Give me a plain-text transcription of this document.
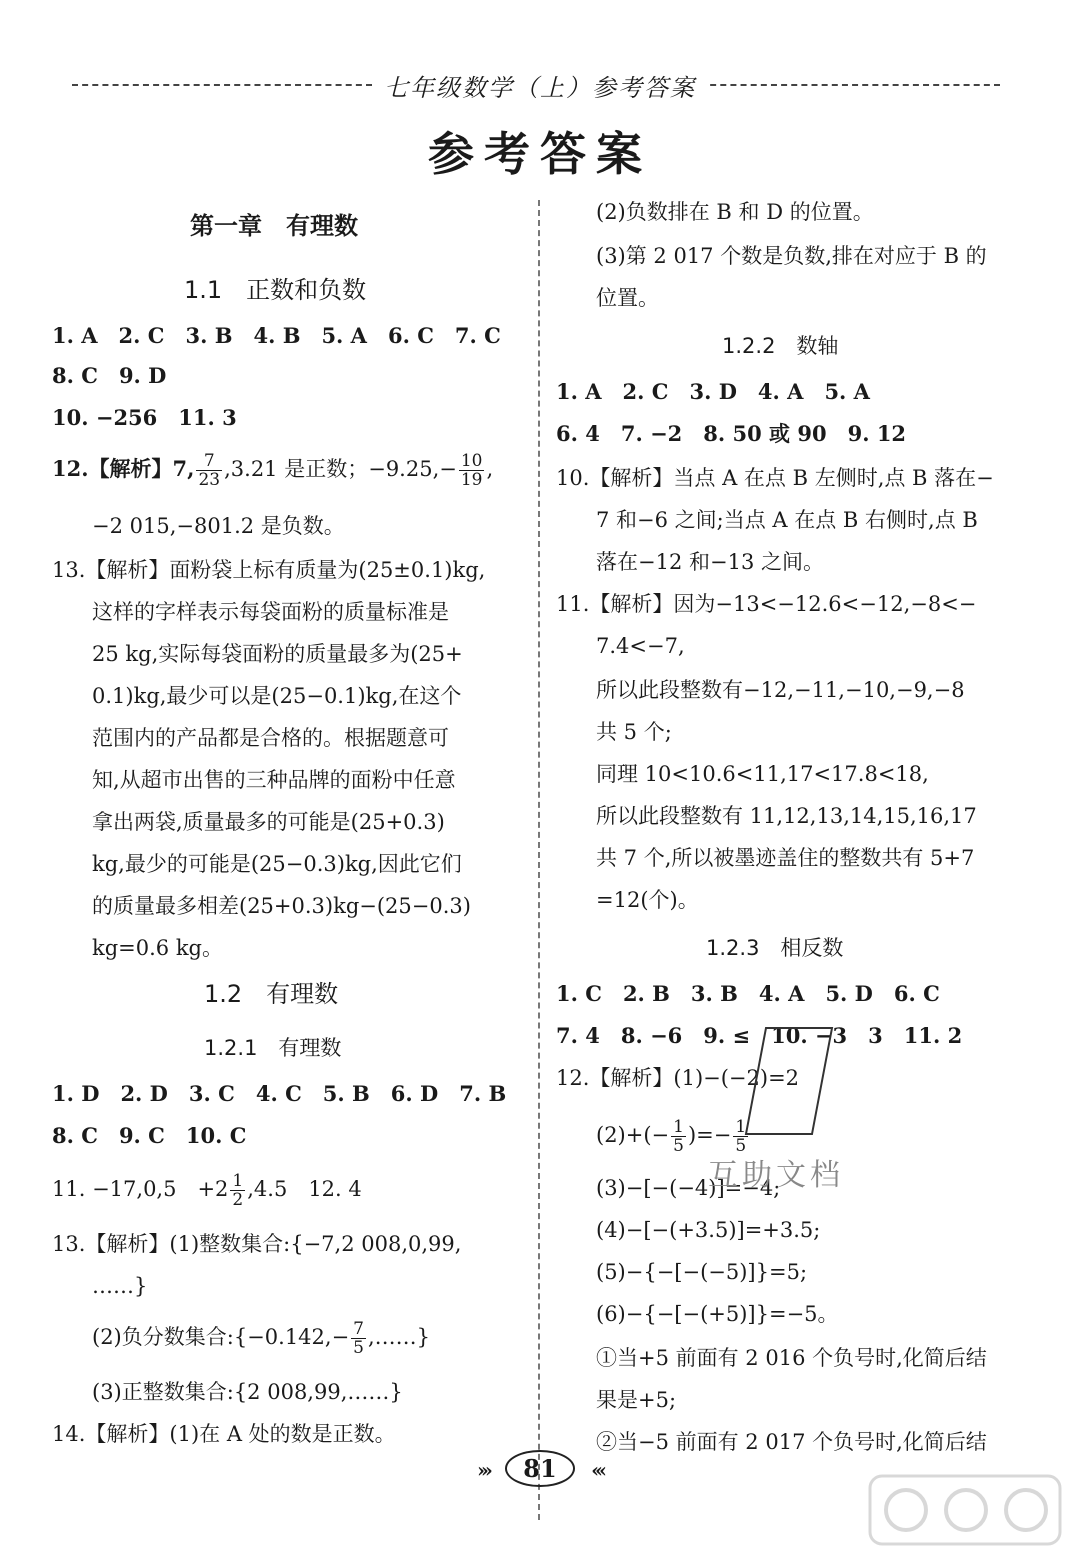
七年级数学（上）参考答案
参考答案
第一章　有理数
1.1　正数和负数
1. A　2. C　3. B　4. B　5. A　6. C　7. C
8. C　9. D
10. −256　11. 3
12.【解析】7, $\frac{7}{23} ,3.21$ 是正数；$-9.25,- \frac{10}{19}$ ,
−2 015,−801.2 是负数。
13.【解析】面粉袋上标有质量为(25±0.1)kg,
这样的字样表示每袋面粉的质量标准是
25 kg,实际每袋面粉的质量最多为(25+
0.1)kg,最少可以是(25−0.1)kg,在这个
范围内的产品都是合格的。根据题意可
知,从超市出售的三种品牌的面粉中任意
拿出两袋,质量最多的可能是(25+0.3)
kg,最少的可能是(25−0.3)kg,因此它们
的质量最多相差(25+0.3)kg−(25−0.3)
kg=0.6 kg。
1.2　有理数
1.2.1　有理数
1. D　2. D　3. C　4. C　5. B　6. D　7. B
8. C　9. C　10. C
11. −17,0,5　$+2 \frac{1}{2} ,4.5$　12. 4
13.【解析】(1)整数集合:{−7,2 008,0,99,
……}
(2)负分数集合:{−0.142,− $\frac{7}{5}$ ,……}
(3)正整数集合:{2 008,99,……}
14.【解析】(1)在 A 处的数是正数。
(2)负数排在 B 和 D 的位置。
(3)第 2 017 个数是负数,排在对应于 B 的
位置。
1.2.2　数轴
1. A　2. C　3. D　4. A　5. A
6. 4　7. −2　8. 50 或 90　9. 12
10.【解析】当点 A 在点 B 左侧时,点 B 落在−
7 和−6 之间;当点 A 在点 B 右侧时,点 B
落在−12 和−13 之间。
11.【解析】因为−13<−12.6<−12,−8<−
7.4<−7,
所以此段整数有−12,−11,−10,−9,−8
共 5 个;
同理 10<10.6<11,17<17.8<18,
所以此段整数有 11,12,13,14,15,16,17
共 7 个,所以被墨迹盖住的整数共有 5+7
=12(个)。
1.2.3　相反数
1. C　2. B　3. B　4. A　5. D　6. C
7. 4　8. −6　9. ≤　10. −3　3　11. 2
12.【解析】(1)−(−2)=2
$(2)+(- \frac{1}{5}$ )=− $\frac{1}{5}$
(3)−[−(−4)]=−4;
(4)−[−(+3.5)]=+3.5;
(5)−{−[−(−5)]}=5;
(6)−{−[−(+5)]}=−5。
①当+5 前面有 2 016 个负号时,化简后结
果是+5;
②当−5 前面有 2 017 个负号时,化简后结
互助文档
››› 81 ‹‹‹
